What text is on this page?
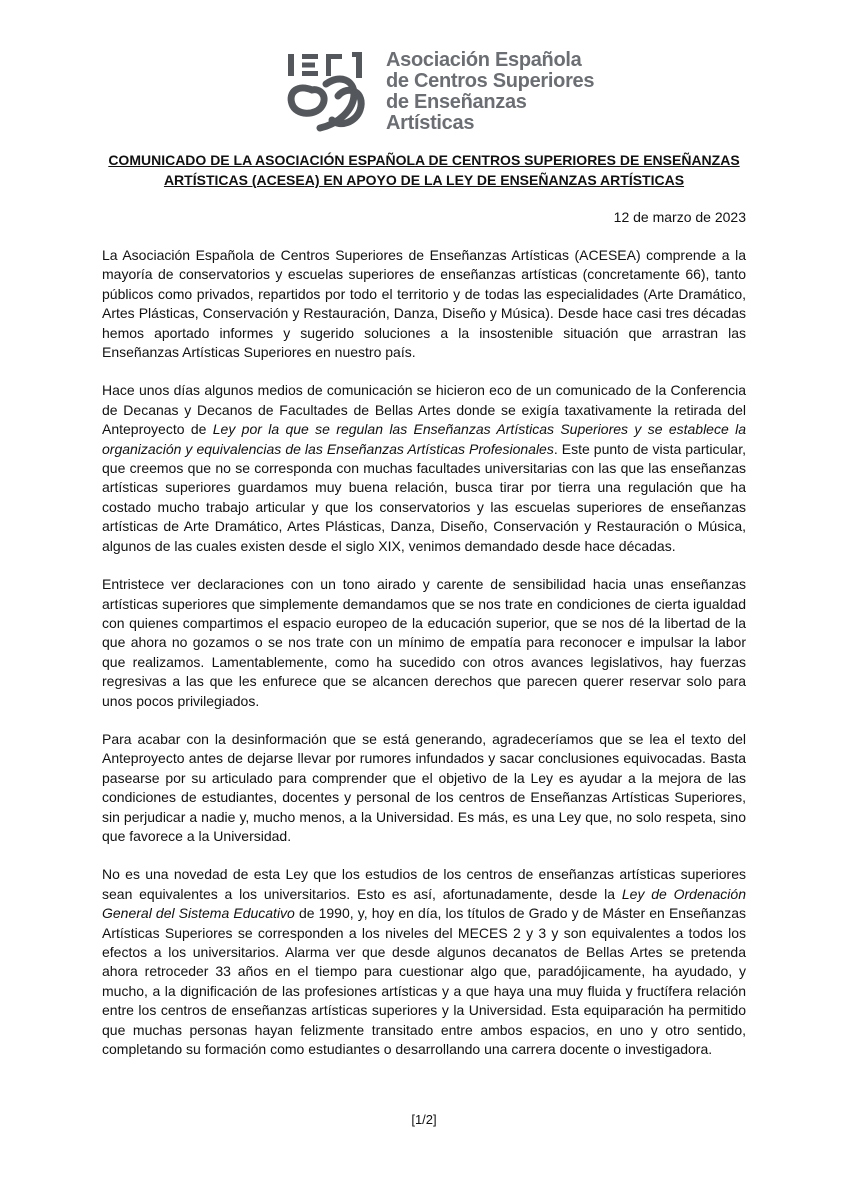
Asociación Española
de Centros Superiores
de Enseñanzas
Artísticas
COMUNICADO DE LA ASOCIACIÓN ESPAÑOLA DE CENTROS SUPERIORES DE ENSEÑANZAS ARTÍSTICAS (ACESEA) EN APOYO DE LA LEY DE ENSEÑANZAS ARTÍSTICAS
12 de marzo de 2023

La Asociación Española de Centros Superiores de Enseñanzas Artísticas (ACESEA) comprende a la mayoría de conservatorios y escuelas superiores de enseñanzas artísticas (concretamente 66), tanto públicos como privados, repartidos por todo el territorio y de todas las especialidades (Arte Dramático, Artes Plásticas, Conservación y Restauración, Danza, Diseño y Música). Desde hace casi tres décadas hemos aportado informes y sugerido soluciones a la insostenible situación que arrastran las Enseñanzas Artísticas Superiores en nuestro país.

Hace unos días algunos medios de comunicación se hicieron eco de un comunicado de la Conferencia de Decanas y Decanos de Facultades de Bellas Artes donde se exigía taxativamente la retirada del Anteproyecto de Ley por la que se regulan las Enseñanzas Artísticas Superiores y se establece la organización y equivalencias de las Enseñanzas Artísticas Profesionales. Este punto de vista particular, que creemos que no se corresponda con muchas facultades universitarias con las que las enseñanzas artísticas superiores guardamos muy buena relación, busca tirar por tierra una regulación que ha costado mucho trabajo articular y que los conservatorios y las escuelas superiores de enseñanzas artísticas de Arte Dramático, Artes Plásticas, Danza, Diseño, Conservación y Restauración o Música, algunos de las cuales existen desde el siglo XIX, venimos demandado desde hace décadas.

Entristece ver declaraciones con un tono airado y carente de sensibilidad hacia unas enseñanzas artísticas superiores que simplemente demandamos que se nos trate en condiciones de cierta igualdad con quienes compartimos el espacio europeo de la educación superior, que se nos dé la libertad de la que ahora no gozamos o se nos trate con un mínimo de empatía para reconocer e impulsar la labor que realizamos. Lamentablemente, como ha sucedido con otros avances legislativos, hay fuerzas regresivas a las que les enfurece que se alcancen derechos que parecen querer reservar solo para unos pocos privilegiados.

Para acabar con la desinformación que se está generando, agradeceríamos que se lea el texto del Anteproyecto antes de dejarse llevar por rumores infundados y sacar conclusiones equivocadas. Basta pasearse por su articulado para comprender que el objetivo de la Ley es ayudar a la mejora de las condiciones de estudiantes, docentes y personal de los centros de Enseñanzas Artísticas Superiores, sin perjudicar a nadie y, mucho menos, a la Universidad. Es más, es una Ley que, no solo respeta, sino que favorece a la Universidad.

No es una novedad de esta Ley que los estudios de los centros de enseñanzas artísticas superiores sean equivalentes a los universitarios. Esto es así, afortunadamente, desde la Ley de Ordenación General del Sistema Educativo de 1990, y, hoy en día, los títulos de Grado y de Máster en Enseñanzas Artísticas Superiores se corresponden a los niveles del MECES 2 y 3 y son equivalentes a todos los efectos a los universitarios. Alarma ver que desde algunos decanatos de Bellas Artes se pretenda ahora retroceder 33 años en el tiempo para cuestionar algo que, paradójicamente, ha ayudado, y mucho, a la dignificación de las profesiones artísticas y a que haya una muy fluida y fructífera relación entre los centros de enseñanzas artísticas superiores y la Universidad. Esta equiparación ha permitido que muchas personas hayan felizmente transitado entre ambos espacios, en uno y otro sentido, completando su formación como estudiantes o desarrollando una carrera docente o investigadora.

[1/2]
